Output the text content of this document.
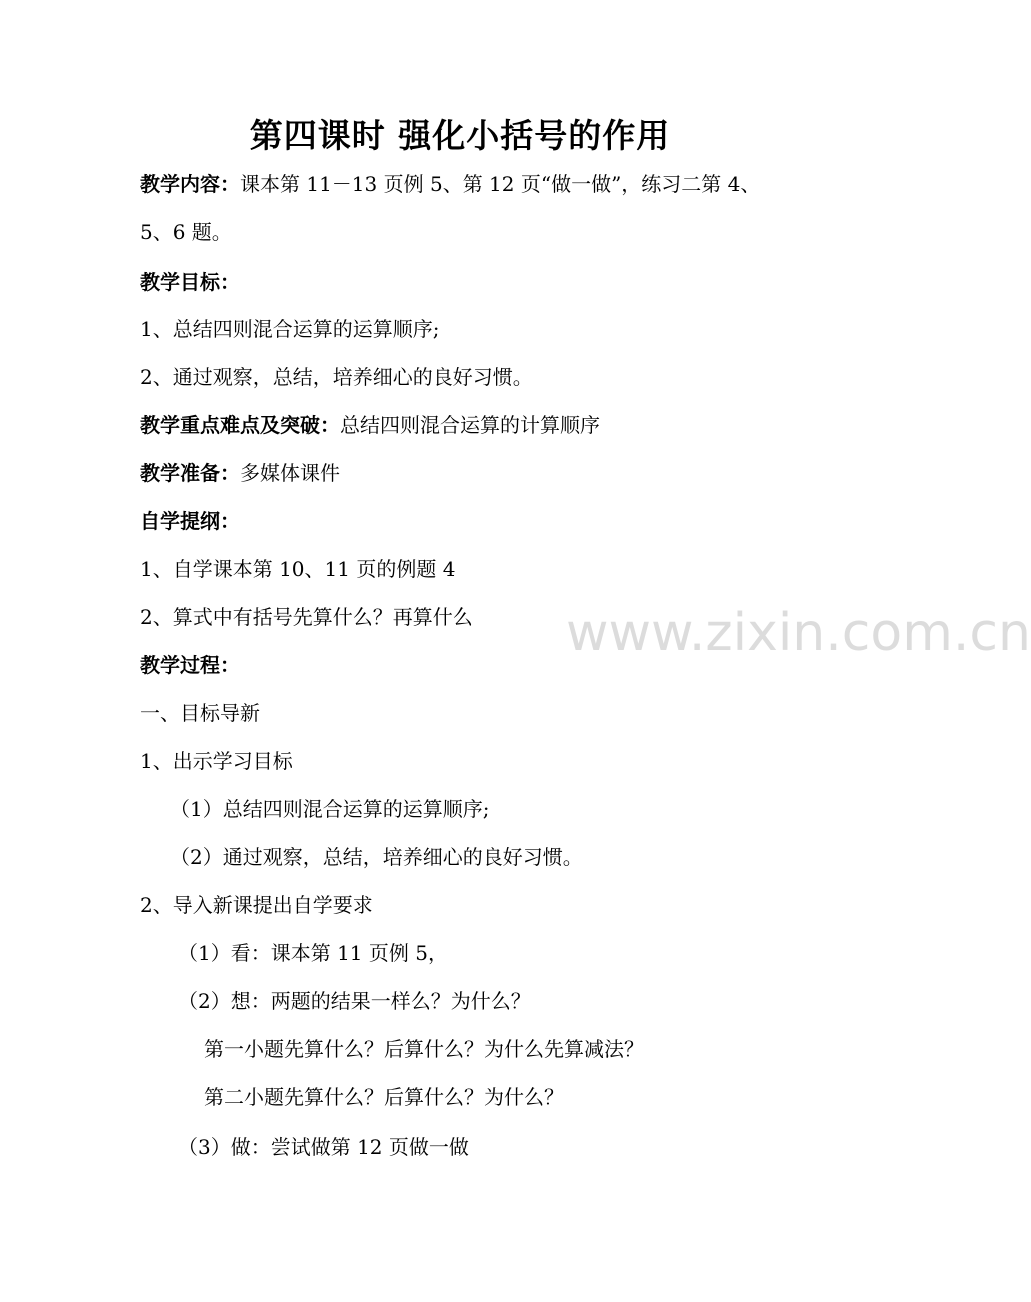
第四课时 强化小括号的作用
教学内容：课本第 11－13 页例 5、第 12 页“做一做”，练习二第 4、
5、6 题。
教学目标：
1、总结四则混合运算的运算顺序;
2、通过观察，总结，培养细心的良好习惯。
教学重点难点及突破：总结四则混合运算的计算顺序
教学准备：多媒体课件
自学提纲：
1、自学课本第 10、11 页的例题 4
2、算式中有括号先算什么？再算什么
教学过程：
一、目标导新
1、出示学习目标
（1）总结四则混合运算的运算顺序;
（2）通过观察，总结，培养细心的良好习惯。
2、导入新课提出自学要求
（1）看：课本第 11 页例 5，
（2）想：两题的结果一样么？为什么？
第一小题先算什么？后算什么？为什么先算减法？
第二小题先算什么？后算什么？为什么？
（3）做：尝试做第 12 页做一做
www.zixin.com.cn
